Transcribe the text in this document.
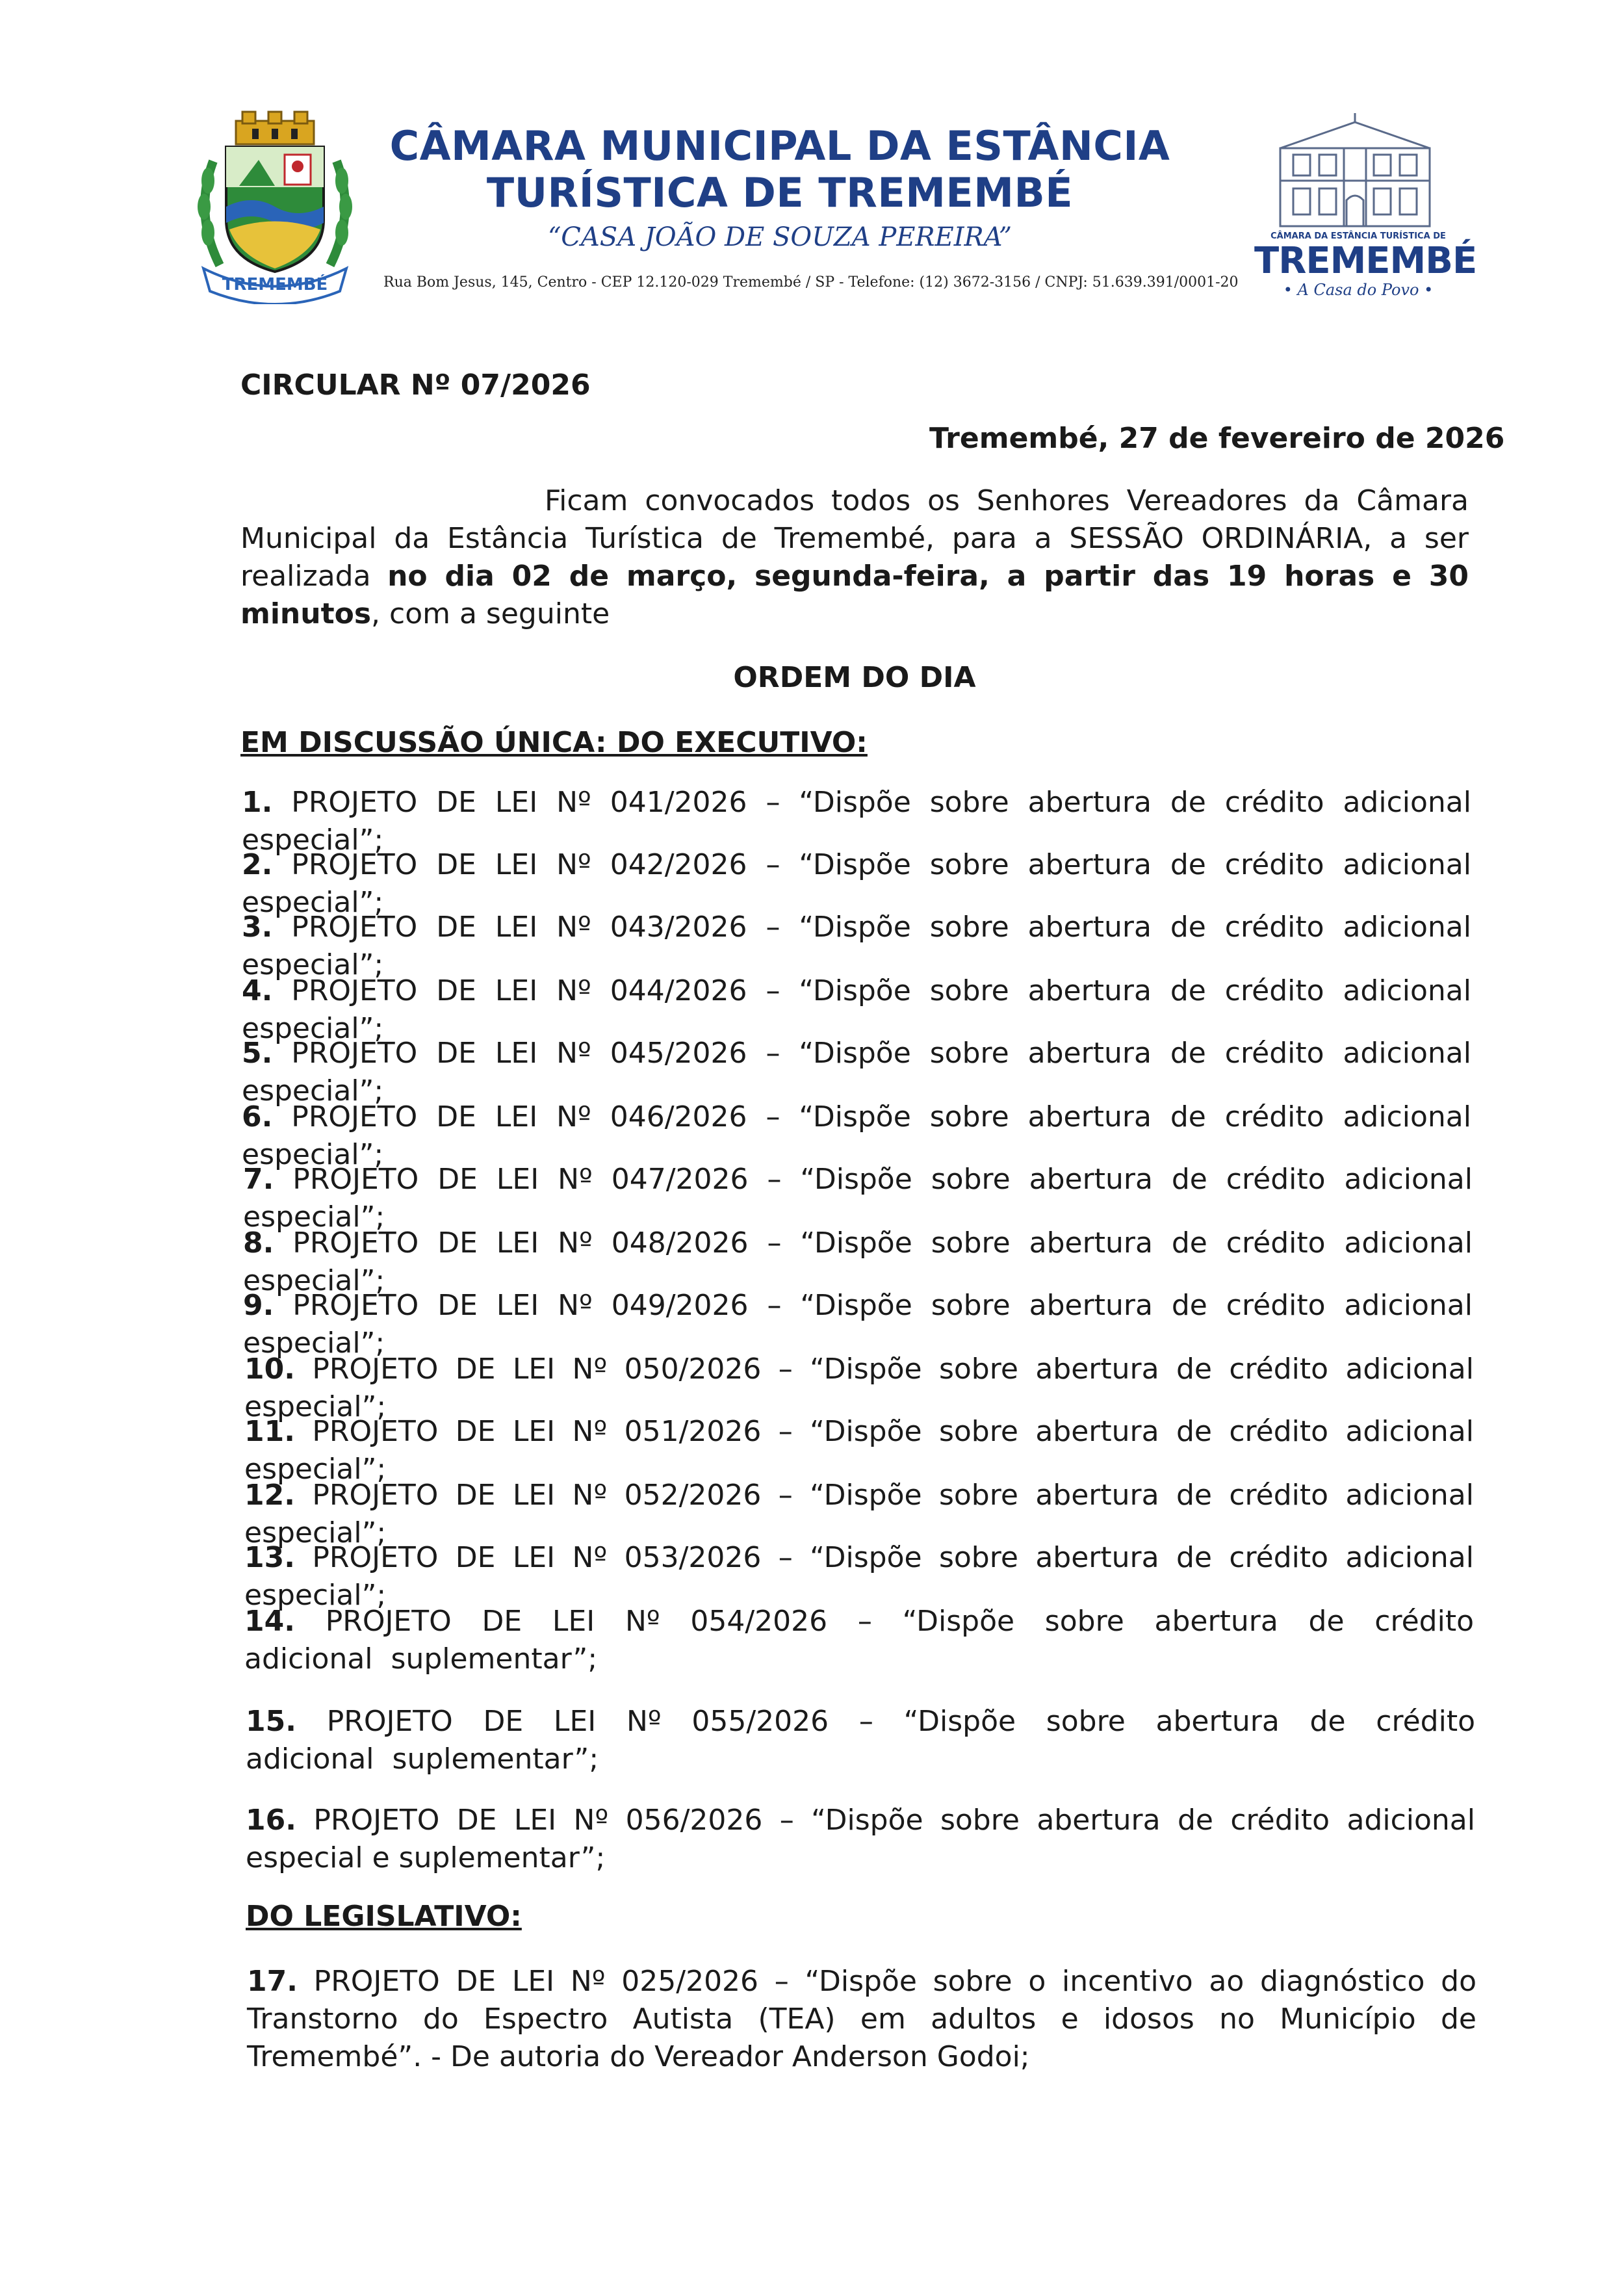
TREMEMBÉ
CÂMARA MUNICIPAL DA ESTÂNCIA
TURÍSTICA DE TREMEMBÉ
“CASA JOÃO DE SOUZA PEREIRA”
Rua Bom Jesus, 145, Centro - CEP 12.120-029 Tremembé / SP - Telefone: (12) 3672-3156 / CNPJ: 51.639.391/0001-20
CÂMARA DA ESTÂNCIA TURÍSTICA DE
TREMEMBÉ
• A Casa do Povo •
CIRCULAR Nº 07/2026
Tremembé, 27 de fevereiro de 2026
Ficam convocados todos os Senhores Vereadores da Câmara Municipal da Estância Turística de Tremembé, para a SESSÃO ORDINÁRIA, a ser realizada no dia 02 de março, segunda-feira, a partir das 19 horas e 30 minutos, com a seguinte
ORDEM DO DIA
EM DISCUSSÃO ÚNICA: DO EXECUTIVO:
1. PROJETO DE LEI Nº 041/2026 – “Dispõe sobre abertura de crédito adicional especial”;
2. PROJETO DE LEI Nº 042/2026 – “Dispõe sobre abertura de crédito adicional especial”;
3. PROJETO DE LEI Nº 043/2026 – “Dispõe sobre abertura de crédito adicional especial”;
4. PROJETO DE LEI Nº 044/2026 – “Dispõe sobre abertura de crédito adicional especial”;
5. PROJETO DE LEI Nº 045/2026 – “Dispõe sobre abertura de crédito adicional especial”;
6. PROJETO DE LEI Nº 046/2026 – “Dispõe sobre abertura de crédito adicional especial”;
7. PROJETO DE LEI Nº 047/2026 – “Dispõe sobre abertura de crédito adicional especial”;
8. PROJETO DE LEI Nº 048/2026 – “Dispõe sobre abertura de crédito adicional especial”;
9. PROJETO DE LEI Nº 049/2026 – “Dispõe sobre abertura de crédito adicional especial”;
10. PROJETO DE LEI Nº 050/2026 – “Dispõe sobre abertura de crédito adicional especial”;
11. PROJETO DE LEI Nº 051/2026 – “Dispõe sobre abertura de crédito adicional especial”;
12. PROJETO DE LEI Nº 052/2026 – “Dispõe sobre abertura de crédito adicional especial”;
13. PROJETO DE LEI Nº 053/2026 – “Dispõe sobre abertura de crédito adicional especial”;
14. PROJETO DE LEI Nº 054/2026 – “Dispõe sobre abertura de crédito adicional suplementar”;
15. PROJETO DE LEI Nº 055/2026 – “Dispõe sobre abertura de crédito adicional suplementar”;
16. PROJETO DE LEI Nº 056/2026 – “Dispõe sobre abertura de crédito adicional especial e suplementar”;
DO LEGISLATIVO:
17. PROJETO DE LEI Nº 025/2026 – “Dispõe sobre o incentivo ao diagnóstico do Transtorno do Espectro Autista (TEA) em adultos e idosos no Município de Tremembé”. - De autoria do Vereador Anderson Godoi;
